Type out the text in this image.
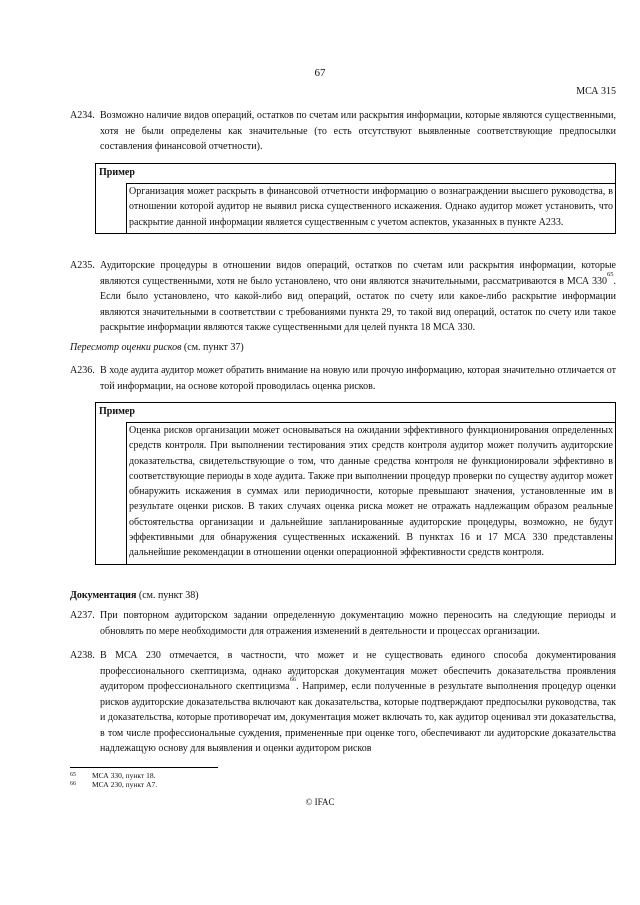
67
МСА 315
A234. Возможно наличие видов операций, остатков по счетам или раскрытия информации, которые являются существенными, хотя не были определены как значительные (то есть отсутствуют выявленные соответствующие предпосылки составления финансовой отчетности).
Пример
Организация может раскрыть в финансовой отчетности информацию о вознаграждении высшего руководства, в отношении которой аудитор не выявил риска существенного искажения. Однако аудитор может установить, что раскрытие данной информации является существенным с учетом аспектов, указанных в пункте A233.
A235. Аудиторские процедуры в отношении видов операций, остатков по счетам или раскрытия информации, которые являются существенными, хотя не было установлено, что они являются значительными, рассматриваются в МСА $330^{65}$. Если было установлено, что какой-либо вид операций, остаток по счету или какое-либо раскрытие информации являются значительными в соответствии с требованиями пункта 29, то такой вид операций, остаток по счету или такое раскрытие информации являются также существенными для целей пункта 18 МСА 330.
Пересмотр оценки рисков (см. пункт 37)
A236. В ходе аудита аудитор может обратить внимание на новую или прочую информацию, которая значительно отличается от той информации, на основе которой проводилась оценка рисков.
Пример
Оценка рисков организации может основываться на ожидании эффективного функционирования определенных средств контроля. При выполнении тестирования этих средств контроля аудитор может получить аудиторские доказательства, свидетельствующие о том, что данные средства контроля не функционировали эффективно в соответствующие периоды в ходе аудита. Также при выполнении процедур проверки по существу аудитор может обнаружить искажения в суммах или периодичности, которые превышают значения, установленные им в результате оценки рисков. В таких случаях оценка риска может не отражать надлежащим образом реальные обстоятельства организации и дальнейшие запланированные аудиторские процедуры, возможно, не будут эффективными для обнаружения существенных искажений. В пунктах 16 и 17 МСА 330 представлены дальнейшие рекомендации в отношении оценки операционной эффективности средств контроля.
Документация (см. пункт 38)
A237. При повторном аудиторском задании определенную документацию можно переносить на следующие периоды и обновлять по мере необходимости для отражения изменений в деятельности и процессах организации.
A238. В МСА 230 отмечается, в частности, что может и не существовать единого способа документирования профессионального скептицизма, однако аудиторская документация может обеспечить доказательства проявления аудитором профессионального скептицизма$^{66}$. Например, если полученные в результате выполнения процедур оценки рисков аудиторские доказательства включают как доказательства, которые подтверждают предпосылки руководства, так и доказательства, которые противоречат им, документация может включать то, как аудитор оценивал эти доказательства, в том числе профессиональные суждения, примененные при оценке того, обеспечивают ли аудиторские доказательства надлежащую основу для выявления и оценки аудитором рисков
65 МСА 330, пункт 18.
66 МСА 230, пункт A7.
© IFAC
